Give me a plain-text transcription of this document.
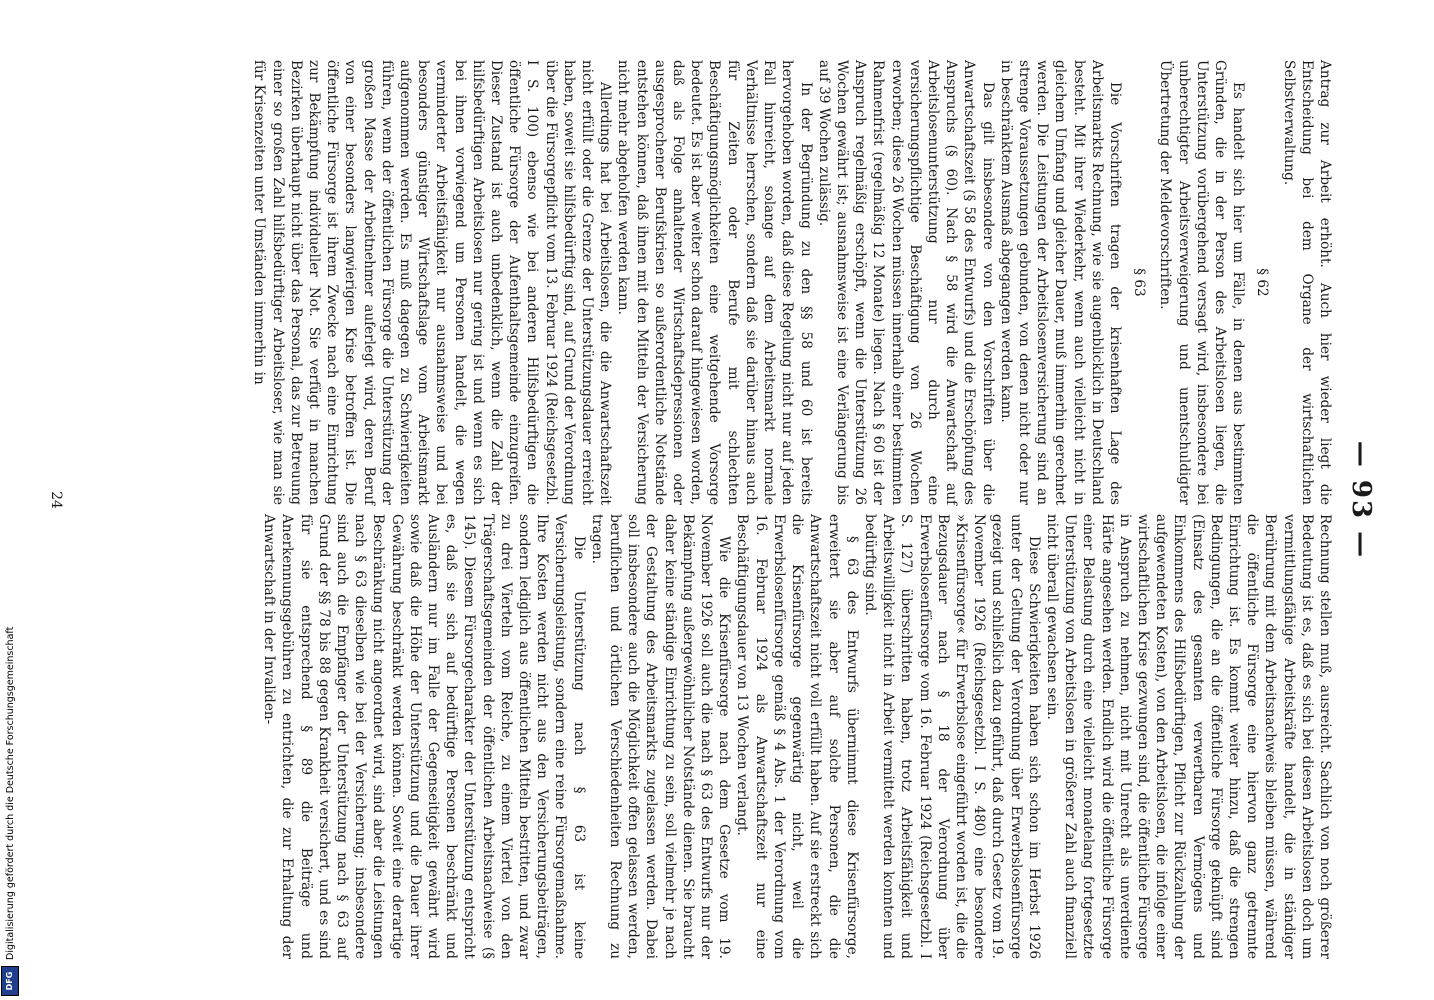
— 93 —

Antrag zur Arbeit erhöht. Auch hier wieder liegt die Entscheidung bei dem Organe der wirtschaftlichen Selbstverwaltung.

§ 62

Es handelt sich hier um Fälle, in denen aus bestimmten Gründen, die in der Person des Arbeitslosen liegen, die Unterstützung vorübergehend versagt wird, insbesondere bei unberechtigter Arbeitsverweigerung und unentschuldigter Übertretung der Meldevorschriften.

§ 63

Die Vorschriften tragen der krisenhaften Lage des Arbeitsmarkts Rechnung, wie sie augenblicklich in Deutschland besteht. Mit ihrer Wiederkehr, wenn auch vielleicht nicht in gleichem Umfang und gleicher Dauer, muß immerhin gerechnet werden. Die Leistungen der Arbeitslosenversicherung sind an strenge Voraussetzungen gebunden, von denen nicht oder nur in beschränktem Ausmaß abgegangen werden kann.

Das gilt insbesondere von den Vorschriften über die Anwartschaftszeit (§ 58 des Entwurfs) und die Erschöpfung des Anspruchs (§ 60). Nach § 58 wird die Anwartschaft auf Arbeitslosenunterstützung nur durch eine versicherungspflichtige Beschäftigung von 26 Wochen erworben; diese 26 Wochen müssen innerhalb einer bestimmten Rahmenfrist (regelmäßig 12 Monate) liegen. Nach § 60 ist der Anspruch regelmäßig erschöpft, wenn die Unterstützung 26 Wochen gewährt ist; ausnahmsweise ist eine Verlängerung bis auf 39 Wochen zulässig.

In der Begründung zu den §§ 58 und 60 ist bereits hervorgehoben worden, daß diese Regelung nicht nur auf jeden Fall hinreicht, solange auf dem Arbeitsmarkt normale Verhältnisse herrschen, sondern daß sie darüber hinaus auch für Zeiten oder Berufe mit schlechten Beschäftigungsmöglichkeiten eine weitgehende Vorsorge bedeutet. Es ist aber weiter schon darauf hingewiesen worden, daß als Folge anhaltender Wirtschaftsdepressionen oder ausgesprochener Berufskrisen so außerordentliche Notstände entstehen können, daß ihnen mit den Mitteln der Versicherung nicht mehr abgeholfen werden kann.

Allerdings hat bei Arbeitslosen, die die Anwartschaftszeit nicht erfüllt oder die Grenze der Unterstützungsdauer erreicht haben, soweit sie hilfsbedürftig sind, auf Grund der Verordnung über die Fürsorgepflicht vom 13. Februar 1924 (Reichsgesetzbl. I S. 100) ebenso wie bei anderen Hilfsbedürftigen die öffentliche Fürsorge der Aufenthaltsgemeinde einzugreifen. Dieser Zustand ist auch unbedenklich, wenn die Zahl der hilfsbedürftigen Arbeitslosen nur gering ist und wenn es sich bei ihnen vorwiegend um Personen handelt, die wegen verminderter Arbeitsfähigkeit nur ausnahmsweise und bei besonders günstiger Wirtschaftslage vom Arbeitsmarkt aufgenommen werden. Es muß dagegen zu Schwierigkeiten führen, wenn der öffentlichen Fürsorge die Unterstützung der großen Masse der Arbeitnehmer auferlegt wird, deren Beruf von einer besonders langwierigen Krise betroffen ist. Die öffentliche Fürsorge ist ihrem Zwecke nach eine Einrichtung zur Bekämpfung individueller Not. Sie verfügt in manchen Bezirken überhaupt nicht über das Personal, das zur Betreuung einer so großen Zahl hilfsbedürftiger Arbeitsloser, wie man sie für Krisenzeiten unter Umständen immerhin in

Rechnung stellen muß, ausreicht. Sachlich von noch größerer Bedeutung ist es, daß es sich bei diesen Arbeitslosen doch um vermittlungsfähige Arbeitskräfte handelt, die in ständiger Berührung mit dem Arbeitsnachweis bleiben müssen, während die öffentliche Fürsorge eine hiervon ganz getrennte Einrichtung ist. Es kommt weiter hinzu, daß die strengen Bedingungen, die an die öffentliche Fürsorge geknüpft sind (Einsatz des gesamten verwertbaren Vermögens und Einkommens des Hilfsbedürftigen, Pflicht zur Rückzahlung der aufgewendeten Kosten), von den Arbeitslosen, die infolge einer wirtschaftlichen Krise gezwungen sind, die öffentliche Fürsorge in Anspruch zu nehmen, nicht mit Unrecht als unverdiente Härte angesehen werden. Endlich wird die öffentliche Fürsorge einer Belastung durch eine vielleicht monatelang fortgesetzte Unterstützung von Arbeitslosen in größerer Zahl auch finanziell nicht überall gewachsen sein.

Diese Schwierigkeiten haben sich schon im Herbst 1926 unter der Geltung der Verordnung über Erwerbslosenfürsorge gezeigt und schließlich dazu geführt, daß durch Gesetz vom 19. November 1926 (Reichsgesetzbl. I S. 480) eine besondere »Krisenfürsorge« für Erwerbslose eingeführt worden ist, die die Bezugsdauer nach § 18 der Verordnung über Erwerbslosenfürsorge vom 16. Februar 1924 (Reichsgesetzbl. I S. 127) überschritten haben, trotz Arbeitsfähigkeit und Arbeitswilligkeit nicht in Arbeit vermittelt werden konnten und bedürftig sind.

§ 63 des Entwurfs übernimmt diese Krisenfürsorge, erweitert sie aber auf solche Personen, die die Anwartschaftszeit nicht voll erfüllt haben. Auf sie erstreckt sich die Krisenfürsorge gegenwärtig nicht, weil die Erwerbslosenfürsorge gemäß § 4 Abs. 1 der Verordnung vom 16. Februar 1924 als Anwartschaftszeit nur eine Beschäftigungsdauer von 13 Wochen verlangt.

Wie die Krisenfürsorge nach dem Gesetze vom 19. November 1926 soll auch die nach § 63 des Entwurfs nur der Bekämpfung außergewöhnlicher Notstände dienen. Sie braucht daher keine ständige Einrichtung zu sein, soll vielmehr je nach der Gestaltung des Arbeitsmarkts zugelassen werden. Dabei soll insbesondere auch die Möglichkeit offen gelassen werden, beruflichen und örtlichen Verschiedenheiten Rechnung zu tragen.

Die Unterstützung nach § 63 ist keine Versicherungsleistung, sondern eine reine Fürsorgemaßnahme. Ihre Kosten werden nicht aus den Versicherungsbeiträgen, sondern lediglich aus öffentlichen Mitteln bestritten, und zwar zu drei Vierteln vom Reiche, zu einem Viertel von den Trägerschaftsgemeinden der öffentlichen Arbeitsnachweise (§ 145). Diesem Fürsorgecharakter der Unterstützung entspricht es, daß sie sich auf bedürftige Personen beschränkt und Ausländern nur im Falle der Gegenseitigkeit gewährt wird sowie daß die Höhe der Unterstützung und die Dauer ihrer Gewährung beschränkt werden können. Soweit eine derartige Beschränkung nicht angeordnet wird, sind aber die Leistungen nach § 63 dieselben wie bei der Versicherung; insbesondere sind auch die Empfänger der Unterstützung nach § 63 auf Grund der §§ 78 bis 88 gegen Krankheit versichert, und es sind für sie entsprechend § 89 die Beiträge und Anerkennungsgebühren zu entrichten, die zur Erhaltung der Anwartschaft in der Invaliden-

24
DFG
Digitalisierung gefördert durch die Deutsche Forschungsgemeinschaft
